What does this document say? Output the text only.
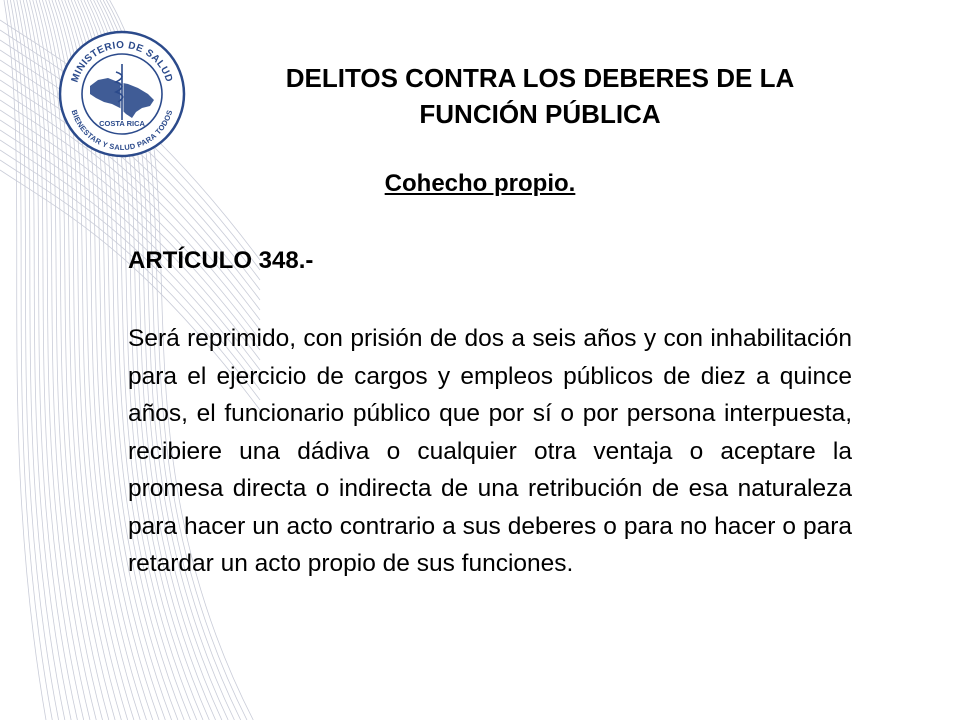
MINISTERIO DE SALUD
BIENESTAR Y SALUD PARA TODOS
COSTA RICA
DELITOS CONTRA LOS DEBERES DE LA
FUNCIÓN PÚBLICA
Cohecho propio.
ARTÍCULO 348.-

Será reprimido, con prisión de dos a seis años y con inhabilitación para el ejercicio de cargos y empleos públicos de diez a quince años, el funcionario público que por sí o por persona interpuesta, recibiere una dádiva o cualquier otra ventaja o aceptare la promesa directa o indirecta de una retribución de esa naturaleza para hacer un acto contrario a sus deberes o para no hacer o para retardar un acto propio de sus funciones.
